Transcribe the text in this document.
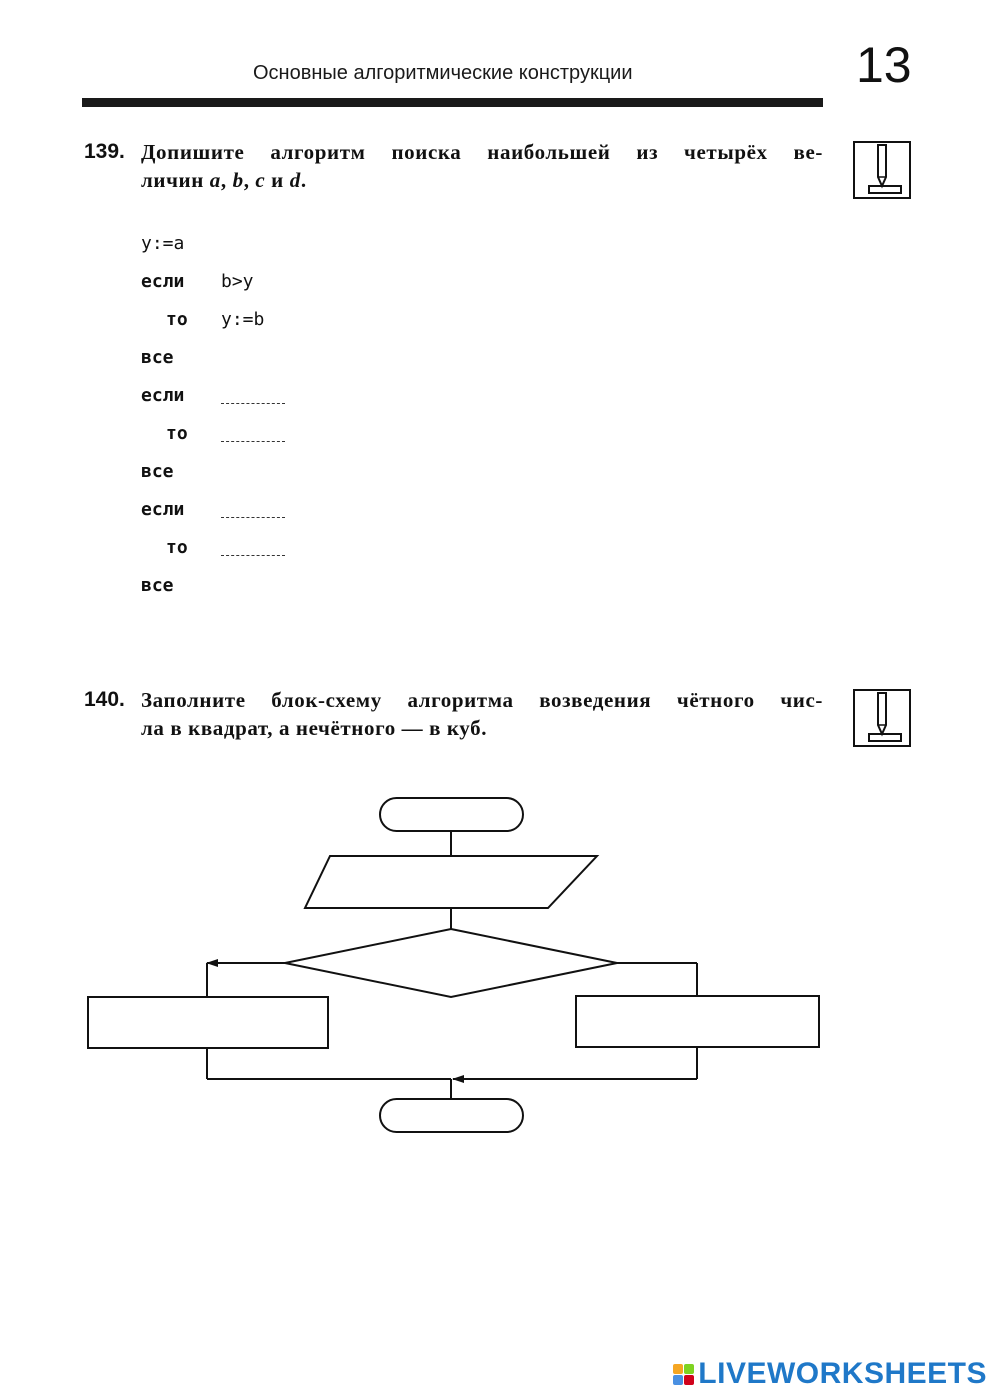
Основные алгоритмические конструкции	13
139. Допишите алгоритм поиска наибольшей из четырёх ве-
личин a, b, c и d.
y:=a
если b>y
то y:=b
все
если
то
все
если
то
все
140. Заполните блок-схему алгоритма возведения чётного чис-
ла в квадрат, а нечётного — в куб.
LIVEWORKSHEETS
